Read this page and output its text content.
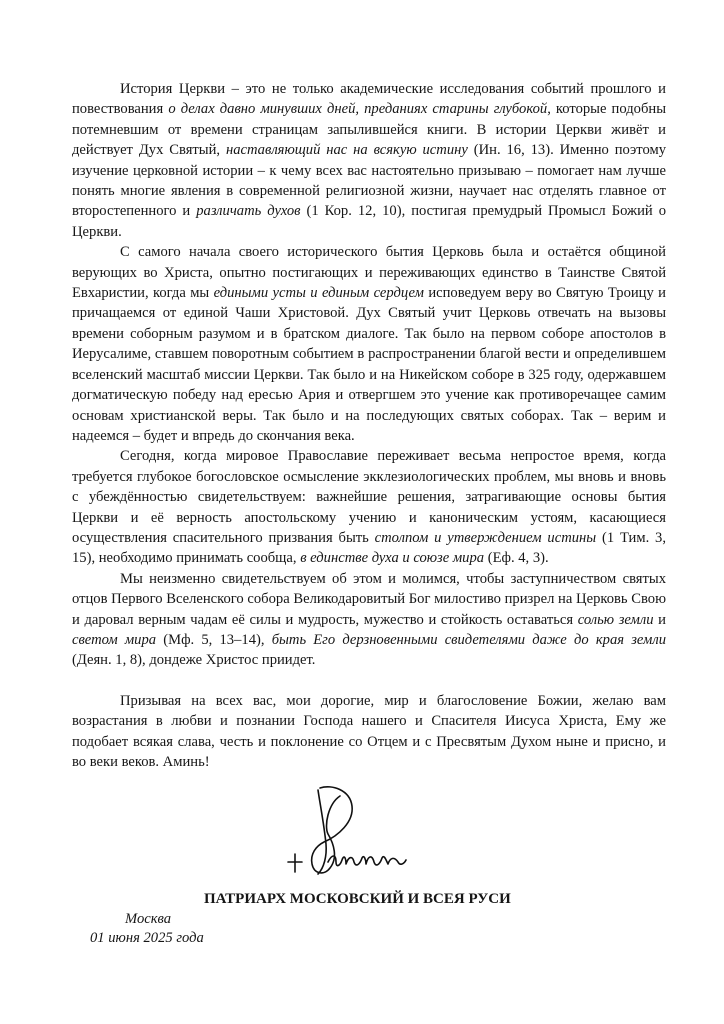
История Церкви – это не только академические исследования событий прошлого и повествования о делах давно минувших дней, преданиях старины глубокой, которые подобны потемневшим от времени страницам запылившейся книги. В истории Церкви живёт и действует Дух Святый, наставляющий нас на всякую истину (Ин. 16, 13). Именно поэтому изучение церковной истории – к чему всех вас настоятельно призываю – помогает нам лучше понять многие явления в современной религиозной жизни, научает нас отделять главное от второстепенного и различать духов (1 Кор. 12, 10), постигая премудрый Промысл Божий о Церкви.

С самого начала своего исторического бытия Церковь была и остаётся общиной верующих во Христа, опытно постигающих и переживающих единство в Таинстве Святой Евхаристии, когда мы едиными усты и единым сердцем исповедуем веру во Святую Троицу и причащаемся от единой Чаши Христовой. Дух Святый учит Церковь отвечать на вызовы времени соборным разумом и в братском диалоге. Так было на первом соборе апостолов в Иерусалиме, ставшем поворотным событием в распространении благой вести и определившем вселенский масштаб миссии Церкви. Так было и на Никейском соборе в 325 году, одержавшем догматическую победу над ересью Ария и отвергшем это учение как противоречащее самим основам христианской веры. Так было и на последующих святых соборах. Так – верим и надеемся – будет и впредь до скончания века.

Сегодня, когда мировое Православие переживает весьма непростое время, когда требуется глубокое богословское осмысление экклезиологических проблем, мы вновь и вновь с убеждённостью свидетельствуем: важнейшие решения, затрагивающие основы бытия Церкви и её верность апостольскому учению и каноническим устоям, касающиеся осуществления спасительного призвания быть столпом и утверждением истины (1 Тим. 3, 15), необходимо принимать сообща, в единстве духа и союзе мира (Еф. 4, 3).

Мы неизменно свидетельствуем об этом и молимся, чтобы заступничеством святых отцов Первого Вселенского собора Великодаровитый Бог милостиво призрел на Церковь Свою и даровал верным чадам её силы и мудрость, мужество и стойкость оставаться солью земли и светом мира (Мф. 5, 13–14), быть Его дерзновенными свидетелями даже до края земли (Деян. 1, 8), дондеже Христос приидет.

Призывая на всех вас, мои дорогие, мир и благословение Божии, желаю вам возрастания в любви и познании Господа нашего и Спасителя Иисуса Христа, Ему же подобает всякая слава, честь и поклонение со Отцем и с Пресвятым Духом ныне и присно, и во веки веков. Аминь!

ПАТРИАРХ МОСКОВСКИЙ И ВСЕЯ РУСИ
Москва
01 июня 2025 года
